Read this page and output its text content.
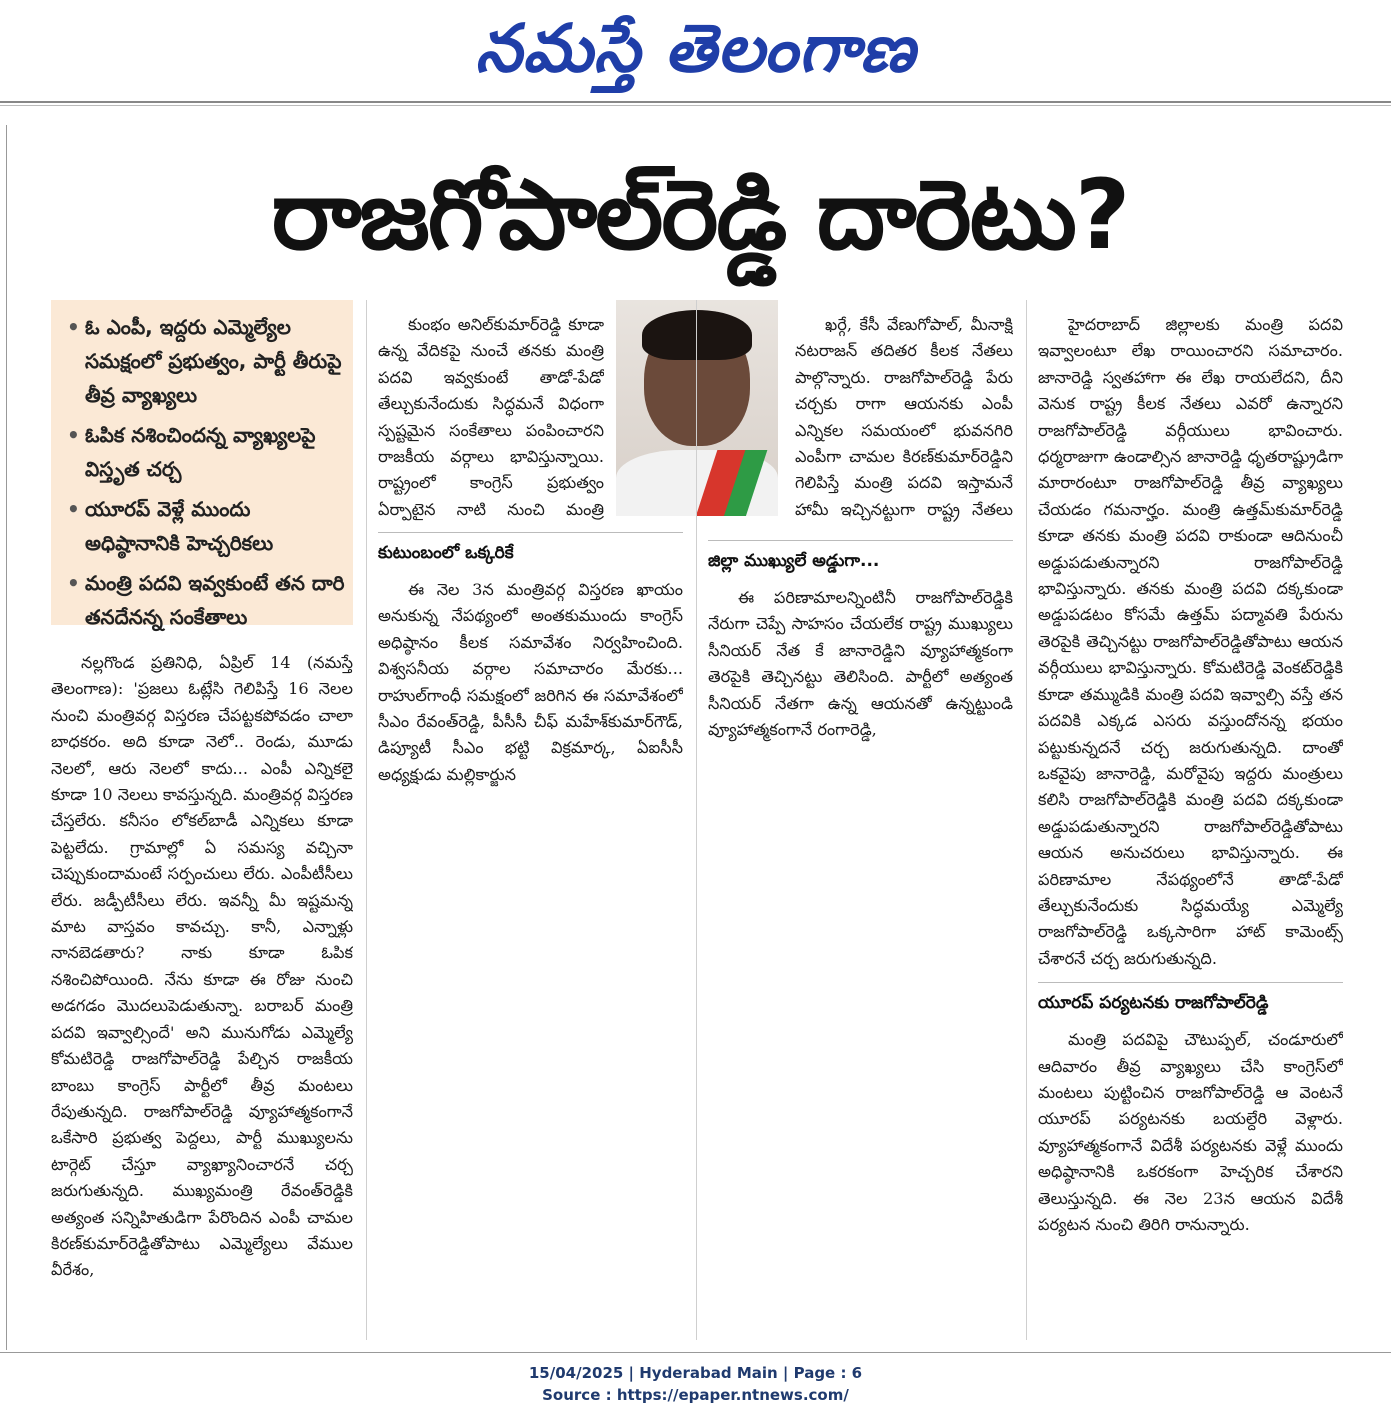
నమస్తే తెలంగాణ
రాజగోపాల్‌రెడ్డి దారెటు?
• ఓ ఎంపీ, ఇద్దరు ఎమ్మెల్యేల సమక్షంలో ప్రభుత్వం, పార్టీ తీరుపై తీవ్ర వ్యాఖ్యలు
• ఓపిక నశించిందన్న వ్యాఖ్యలపై విస్తృత చర్చ
• యూరప్ వెళ్లే ముందు అధిష్ఠానానికి హెచ్చరికలు
• మంత్రి పదవి ఇవ్వకుంటే తన దారి తనదేనన్న సంకేతాలు

నల్లగొండ ప్రతినిధి, ఏప్రిల్ 14 (నమస్తే తెలంగాణ): 'ప్రజలు ఓట్లేసి గెలిపిస్తే 16 నెలల నుంచి మంత్రివర్గ విస్తరణ చేపట్టకపోవడం చాలా బాధకరం. అది కూడా నెలో.. రెండు, మూడు నెలలో, ఆరు నెలలో కాదు... ఎంపీ ఎన్నికలైె కూడా 10 నెలలు కావస్తున్నది. మంత్రివర్గ విస్తరణ చేస్తలేరు. కనీసం లోకల్‌బాడీ ఎన్నికలు కూడా పెట్టలేదు. గ్రామాల్లో ఏ సమస్య వచ్చినా చెప్పుకుందామంటే సర్పంచులు లేరు. ఎంపీటీసీలు లేరు. జడ్పీటీసీలు లేరు. ఇవన్నీ మీ ఇష్టమన్న మాట వాస్తవం కావచ్చు. కానీ, ఎన్నాళ్లు నానబెడతారు? నాకు కూడా ఓపిక నశించిపోయింది. నేను కూడా ఈ రోజు నుంచి అడగడం మొదలుపెడుతున్నా. బరాబర్ మంత్రి పదవి ఇవ్వాల్సిందే' అని మునుగోడు ఎమ్మెల్యే కోమటిరెడ్డి రాజగోపాల్‌రెడ్డి పేల్చిన రాజకీయ బాంబు కాంగ్రెస్ పార్టీలో తీవ్ర మంటలు రేపుతున్నది. రాజగోపాల్‌రెడ్డి వ్యూహాత్మకంగానే ఒకేసారి ప్రభుత్వ పెద్దలు, పార్టీ ముఖ్యులను టార్గెట్ చేస్తూ వ్యాఖ్యానించారనే చర్చ జరుగుతున్నది. ముఖ్యమంత్రి రేవంత్‌రెడ్డికి అత్యంత సన్నిహితుడిగా పేరొందిన ఎంపీ చామల కిరణ్‌కుమార్‌రెడ్డితోపాటు ఎమ్మెల్యేలు వేముల వీరేశం,

కుంభం అనిల్‌కుమార్‌రెడ్డి కూడా ఉన్న వేదికపై నుంచే తనకు మంత్రి పదవి ఇవ్వకుంటే తాడో-పేడో తేల్చుకునేందుకు సిద్ధమనే విధంగా స్పష్టమైన సంకేతాలు పంపించారని రాజకీయ వర్గాలు భావిస్తున్నాయి. రాష్ట్రంలో కాంగ్రెస్ ప్రభుత్వం ఏర్పాటైన నాటి నుంచి మంత్రి

కుటుంబంలో ఒక్కరికే

ఈ నెల 3న మంత్రివర్గ విస్తరణ ఖాయం అనుకున్న నేపథ్యంలో అంతకుముందు కాంగ్రెస్ అధిష్ఠానం కీలక సమావేశం నిర్వహించింది. విశ్వసనీయ వర్గాల సమాచారం మేరకు... రాహుల్‌గాంధీ సమక్షంలో జరిగిన ఈ సమావేశంలో సీఎం రేవంత్‌రెడ్డి, పీసీసీ చీఫ్ మహేశ్‌కుమార్‌గౌడ్, డిప్యూటీ సీఎం భట్టి విక్రమార్క, ఏఐసీసీ అధ్యక్షుడు మల్లికార్జున

ఖర్గే, కేసీ వేణుగోపాల్, మీనాక్షి నటరాజన్ తదితర కీలక నేతలు పాల్గొన్నారు. రాజగోపాల్‌రెడ్డి పేరు చర్చకు రాగా ఆయనకు ఎంపీ ఎన్నికల సమయంలో భువనగిరి ఎంపీగా చామల కిరణ్‌కుమార్‌రెడ్డిని గెలిపిస్తే మంత్రి పదవి ఇస్తామనే హామీ ఇచ్చినట్టుగా రాష్ట్ర నేతలు

జిల్లా ముఖ్యులే అడ్డుగా...

ఈ పరిణామాలన్నింటినీ రాజగోపాల్‌రెడ్డికి నేరుగా చెప్పే సాహసం చేయలేక రాష్ట్ర ముఖ్యులు సీనియర్ నేత కే జానారెడ్డిని వ్యూహాత్మకంగా తెరపైకి తెచ్చినట్టు తెలిసింది. పార్టీలో అత్యంత సీనియర్ నేతగా ఉన్న ఆయనతో ఉన్నట్టుండి వ్యూహాత్మకంగానే రంగారెడ్డి,

హైదరాబాద్ జిల్లాలకు మంత్రి పదవి ఇవ్వాలంటూ లేఖ రాయించారని సమాచారం. జానారెడ్డి స్వతహాగా ఈ లేఖ రాయలేదని, దీని వెనుక రాష్ట్ర కీలక నేతలు ఎవరో ఉన్నారని రాజగోపాల్‌రెడ్డి వర్గీయులు భావించారు. ధర్మరాజుగా ఉండాల్సిన జానారెడ్డి ధృతరాష్ట్రుడిగా మారారంటూ రాజగోపాల్‌రెడ్డి తీవ్ర వ్యాఖ్యలు చేయడం గమనార్హం. మంత్రి ఉత్తమ్‌కుమార్‌రెడ్డి కూడా తనకు మంత్రి పదవి రాకుండా ఆదినుంచీ అడ్డుపడుతున్నారని రాజగోపాల్‌రెడ్డి భావిస్తున్నారు. తనకు మంత్రి పదవి దక్కకుండా అడ్డుపడటం కోసమే ఉత్తమ్ పద్మావతి పేరును తెరపైకి తెచ్చినట్టు రాజగోపాల్‌రెడ్డితోపాటు ఆయన వర్గీయులు భావిస్తున్నారు. కోమటిరెడ్డి వెంకట్‌రెడ్డికి కూడా తమ్ముడికి మంత్రి పదవి ఇవ్వాల్సి వస్తే తన పదవికి ఎక్కడ ఎసరు వస్తుందోనన్న భయం పట్టుకున్నదనే చర్చ జరుగుతున్నది. దాంతో ఒకవైపు జానారెడ్డి, మరోవైపు ఇద్దరు మంత్రులు కలిసి రాజగోపాల్‌రెడ్డికి మంత్రి పదవి దక్కకుండా అడ్డుపడుతున్నారని రాజగోపాల్‌రెడ్డితోపాటు ఆయన అనుచరులు భావిస్తున్నారు. ఈ పరిణామాల నేపథ్యంలోనే తాడో-పేడో తేల్చుకునేందుకు సిద్ధమయ్యే ఎమ్మెల్యే రాజగోపాల్‌రెడ్డి ఒక్కసారిగా హాట్ కామెంట్స్ చేశారనే చర్చ జరుగుతున్నది.

యూరప్ పర్యటనకు రాజగోపాల్‌రెడ్డి

మంత్రి పదవిపై చౌటుప్పల్, చండూరులో ఆదివారం తీవ్ర వ్యాఖ్యలు చేసి కాంగ్రెస్‌లో మంటలు పుట్టించిన రాజగోపాల్‌రెడ్డి ఆ వెంటనే యూరప్ పర్యటనకు బయల్దేరి వెళ్లారు. వ్యూహాత్మకంగానే విదేశీ పర్యటనకు వెళ్లే ముందు అధిష్ఠానానికి ఒకరకంగా హెచ్చరిక చేశారని తెలుస్తున్నది. ఈ నెల 23న ఆయన విదేశీ పర్యటన నుంచి తిరిగి రానున్నారు.

15/04/2025 | Hyderabad Main | Page : 6
Source : https://epaper.ntnews.com/
